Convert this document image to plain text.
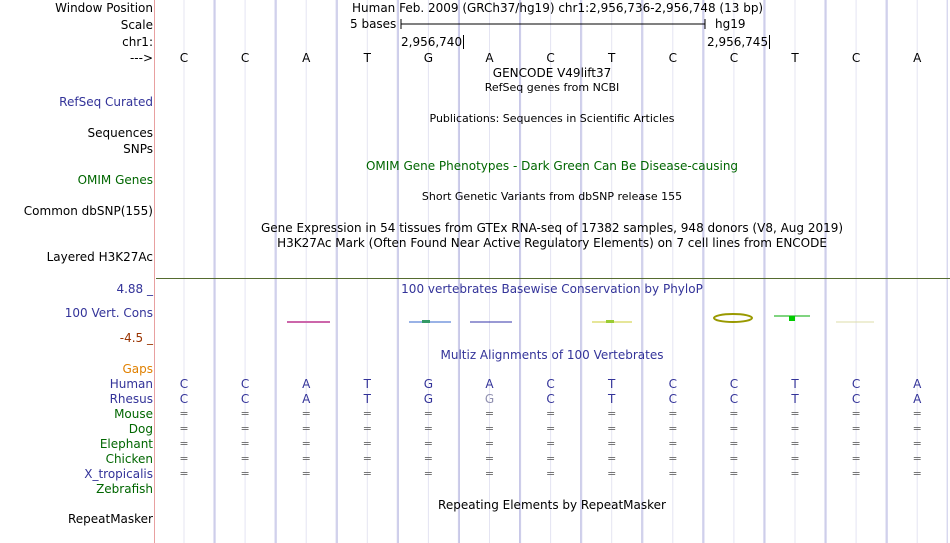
Window Position	Human Feb. 2009 (GRCh37/hg19) chr1:2,956,736-2,956,748 (13 bp)
Scale	5 bases	hg19
chr1:	2,956,740	2,956,745
--->	C	C	A	T	G	A	C	T	C	C	T	C	A
GENCODE V49lift37
RefSeq genes from NCBI
RefSeq Curated
Publications: Sequences in Scientific Articles
Sequences
SNPs
OMIM Gene Phenotypes - Dark Green Can Be Disease-causing
OMIM Genes
Short Genetic Variants from dbSNP release 155
Common dbSNP(155)
Gene Expression in 54 tissues from GTEx RNA-seq of 17382 samples, 948 donors (V8, Aug 2019)
H3K27Ac Mark (Often Found Near Active Regulatory Elements) on 7 cell lines from ENCODE
Layered H3K27Ac
4.88 _	100 vertebrates Basewise Conservation by PhyloP
100 Vert. Cons
-4.5 _
Multiz Alignments of 100 Vertebrates
Gaps
Human	C	C	A	T	G	A	C	T	C	C	T	C	A
Rhesus	C	C	A	T	G	G	C	T	C	C	T	C	A
Mouse	=	=	=	=	=	=	=	=	=	=	=	=	=
Dog	=	=	=	=	=	=	=	=	=	=	=	=	=
Elephant	=	=	=	=	=	=	=	=	=	=	=	=	=
Chicken	=	=	=	=	=	=	=	=	=	=	=	=	=
X_tropicalis	=	=	=	=	=	=	=	=	=	=	=	=	=
Zebrafish
Repeating Elements by RepeatMasker
RepeatMasker
